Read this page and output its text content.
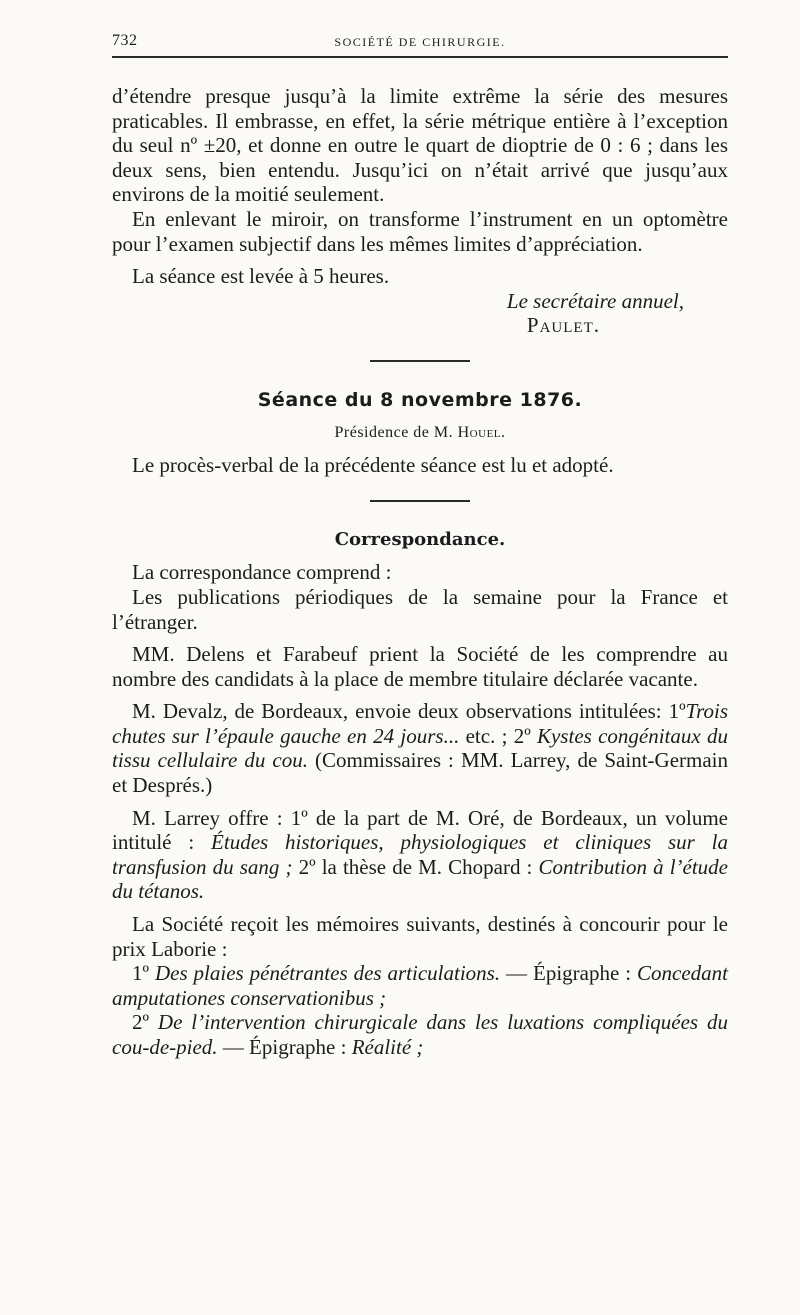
732	SOCIÉTÉ DE CHIRURGIE.

d’étendre presque jusqu’à la limite extrême la série des mesures praticables. Il embrasse, en effet, la série métrique entière à l’exception du seul nº ±20, et donne en outre le quart de dioptrie de 0 : 6 ; dans les deux sens, bien entendu. Jusqu’ici on n’était arrivé que jusqu’aux environs de la moitié seulement.

En enlevant le miroir, on transforme l’instrument en un optomètre pour l’examen subjectif dans les mêmes limites d’appréciation.

La séance est levée à 5 heures.

Le secrétaire annuel,

Paulet.

Séance du 8 novembre 1876.

Présidence de M. Houel.

Le procès-verbal de la précédente séance est lu et adopté.

Correspondance.

La correspondance comprend :

Les publications périodiques de la semaine pour la France et l’étranger.

MM. Delens et Farabeuf prient la Société de les comprendre au nombre des candidats à la place de membre titulaire déclarée vacante.

M. Devalz, de Bordeaux, envoie deux observations intitulées: 1ºTrois chutes sur l’épaule gauche en 24 jours... etc. ; 2º Kystes congénitaux du tissu cellulaire du cou. (Commissaires : MM. Larrey, de Saint-Germain et Després.)

M. Larrey offre : 1º de la part de M. Oré, de Bordeaux, un volume intitulé : Études historiques, physiologiques et cliniques sur la transfusion du sang ; 2º la thèse de M. Chopard : Contribution à l’étude du tétanos.

La Société reçoit les mémoires suivants, destinés à concourir pour le prix Laborie :

1º Des plaies pénétrantes des articulations. — Épigraphe : Concedant amputationes conservationibus ;

2º De l’intervention chirurgicale dans les luxations compliquées du cou-de-pied. — Épigraphe : Réalité ;
